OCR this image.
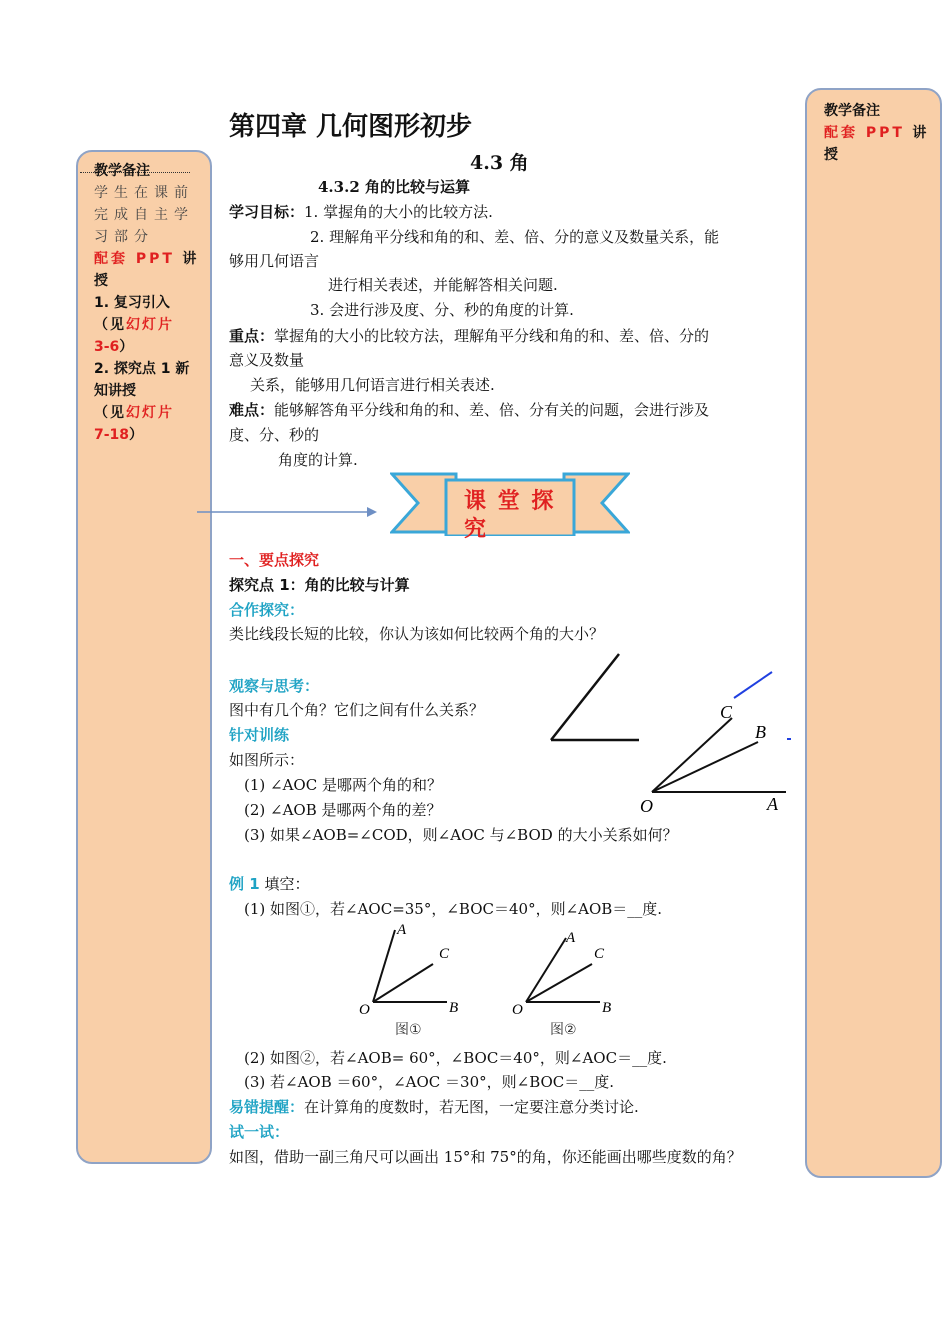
教学备注
学生在课前
完成自主学
习部分
配套 PPT 讲
授
1. 复习引入
（见幻灯片
3-6）
2. 探究点 1 新
知讲授
（见幻灯片
7-18）
教学备注
配套 PPT 讲
授
第四章 几何图形初步
4.3 角
4.3.2 角的比较与运算
学习目标：1. 掌握角的大小的比较方法.
2. 理解角平分线和角的和、差、倍、分的意义及数量关系，能
够用几何语言
进行相关表述，并能解答相关问题.
3. 会进行涉及度、分、秒的角度的计算.
重点：掌握角的大小的比较方法，理解角平分线和角的和、差、倍、分的
意义及数量
关系，能够用几何语言进行相关表述.
难点：能够解答角平分线和角的和、差、倍、分有关的问题，会进行涉及
度、分、秒的
角度的计算.
课 堂 探 究
一、要点探究
探究点 1：角的比较与计算
合作探究：
类比线段长短的比较，你认为该如何比较两个角的大小？
观察与思考：
图中有几个角？它们之间有什么关系？
针对训练
如图所示：
(1) ∠AOC 是哪两个角的和？
(2) ∠AOB 是哪两个角的差？
(3) 如果∠AOB=∠COD，则∠AOC 与∠BOD 的大小关系如何？
C
B
O	A
例 1 填空：
(1) 如图①，若∠AOC=35°，∠BOC＝40°，则∠AOB＝__度.
A
C
O	B
图①
A
C
O	B
图②
(2) 如图②，若∠AOB= 60°，∠BOC＝40°，则∠AOC＝__度.
(3) 若∠AOB ＝60°，∠AOC ＝30°，则∠BOC＝__度.
易错提醒：在计算角的度数时，若无图，一定要注意分类讨论.
试一试：
如图，借助一副三角尺可以画出 15°和 75°的角，你还能画出哪些度数的角？
